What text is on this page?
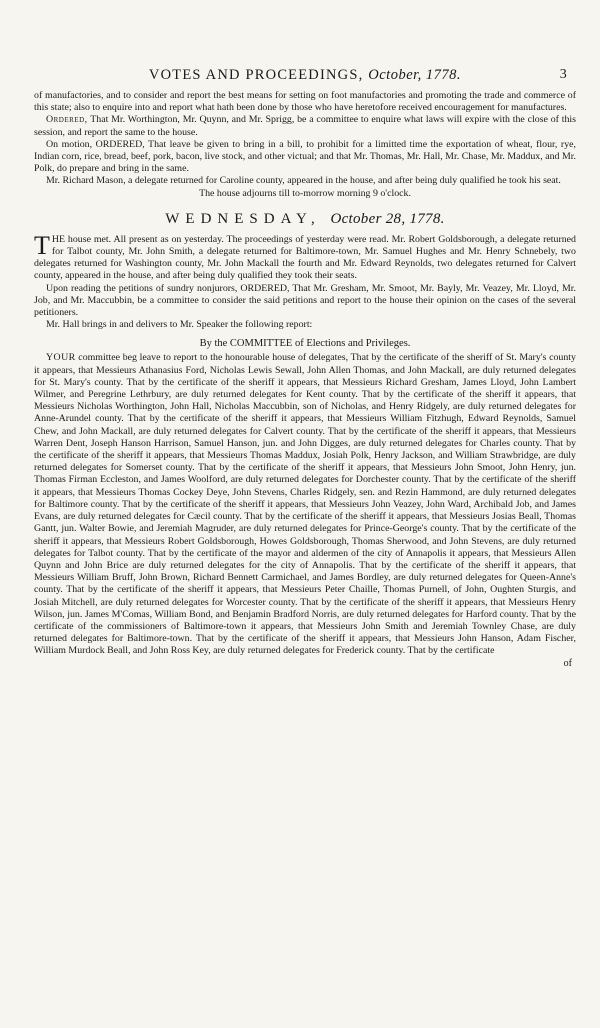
VOTES AND PROCEEDINGS, October, 1778.	3

of manufactories, and to consider and report the best means for setting on foot manufactories and promoting the trade and commerce of this state; also to enquire into and report what hath been done by those who have heretofore received encouragement for manufactures.

Ordered, That Mr. Worthington, Mr. Quynn, and Mr. Sprigg, be a committee to enquire what laws will expire with the close of this session, and report the same to the house.

On motion, ORDERED, That leave be given to bring in a bill, to prohibit for a limitted time the exportation of wheat, flour, rye, Indian corn, rice, bread, beef, pork, bacon, live stock, and other victual; and that Mr. Thomas, Mr. Hall, Mr. Chase, Mr. Maddux, and Mr. Polk, do prepare and bring in the same.

Mr. Richard Mason, a delegate returned for Caroline county, appeared in the house, and after being duly qualified he took his seat.

The house adjourns till to-morrow morning 9 o'clock.

WEDNESDAY, October 28, 1778.

THE house met. All present as on yesterday. The proceedings of yesterday were read. Mr. Robert Goldsborough, a delegate returned for Talbot county, Mr. John Smith, a delegate returned for Baltimore-town, Mr. Samuel Hughes and Mr. Henry Schnebely, two delegates returned for Washington county, Mr. John Mackall the fourth and Mr. Edward Reynolds, two delegates returned for Calvert county, appeared in the house, and after being duly qualified they took their seats.

Upon reading the petitions of sundry nonjurors, ORDERED, That Mr. Gresham, Mr. Smoot, Mr. Bayly, Mr. Veazey, Mr. Lloyd, Mr. Job, and Mr. Maccubbin, be a committee to consider the said petitions and report to the house their opinion on the cases of the several petitioners.

Mr. Hall brings in and delivers to Mr. Speaker the following report:

By the COMMITTEE of Elections and Privileges.

YOUR committee beg leave to report to the honourable house of delegates, That by the certificate of the sheriff of St. Mary's county it appears, that Messieurs Athanasius Ford, Nicholas Lewis Sewall, John Allen Thomas, and John Mackall, are duly returned delegates for St. Mary's county. That by the certificate of the sheriff it appears, that Messieurs Richard Gresham, James Lloyd, John Lambert Wilmer, and Peregrine Lethrbury, are duly returned delegates for Kent county. That by the certificate of the sheriff it appears, that Messieurs Nicholas Worthington, John Hall, Nicholas Maccubbin, son of Nicholas, and Henry Ridgely, are duly returned delegates for Anne-Arundel county. That by the certificate of the sheriff it appears, that Messieurs William Fitzhugh, Edward Reynolds, Samuel Chew, and John Mackall, are duly returned delegates for Calvert county. That by the certificate of the sheriff it appears, that Messieurs Warren Dent, Joseph Hanson Harrison, Samuel Hanson, jun. and John Digges, are duly returned delegates for Charles county. That by the certificate of the sheriff it appears, that Messieurs Thomas Maddux, Josiah Polk, Henry Jackson, and William Strawbridge, are duly returned delegates for Somerset county. That by the certificate of the sheriff it appears, that Messieurs John Smoot, John Henry, jun. Thomas Firman Eccleston, and James Woolford, are duly returned delegates for Dorchester county. That by the certificate of the sheriff it appears, that Messieurs Thomas Cockey Deye, John Stevens, Charles Ridgely, sen. and Rezin Hammond, are duly returned delegates for Baltimore county. That by the certificate of the sheriff it appears, that Messieurs John Veazey, John Ward, Archibald Job, and James Evans, are duly returned delegates for Cæcil county. That by the certificate of the sheriff it appears, that Messieurs Josias Beall, Thomas Gantt, jun. Walter Bowie, and Jeremiah Magruder, are duly returned delegates for Prince-George's county. That by the certificate of the sheriff it appears, that Messieurs Robert Goldsborough, Howes Goldsborough, Thomas Sherwood, and John Stevens, are duly returned delegates for Talbot county. That by the certificate of the mayor and aldermen of the city of Annapolis it appears, that Messieurs Allen Quynn and John Brice are duly returned delegates for the city of Annapolis. That by the certificate of the sheriff it appears, that Messieurs William Bruff, John Brown, Richard Bennett Carmichael, and James Bordley, are duly returned delegates for Queen-Anne's county. That by the certificate of the sheriff it appears, that Messieurs Peter Chaille, Thomas Purnell, of John, Oughten Sturgis, and Josiah Mitchell, are duly returned delegates for Worcester county. That by the certificate of the sheriff it appears, that Messieurs Henry Wilson, jun. James M'Comas, William Bond, and Benjamin Bradford Norris, are duly returned delegates for Harford county. That by the certificate of the commissioners of Baltimore-town it appears, that Messieurs John Smith and Jeremiah Townley Chase, are duly returned delegates for Baltimore-town. That by the certificate of the sheriff it appears, that Messieurs John Hanson, Adam Fischer, William Murdock Beall, and John Ross Key, are duly returned delegates for Frederick county. That by the certificate

of
